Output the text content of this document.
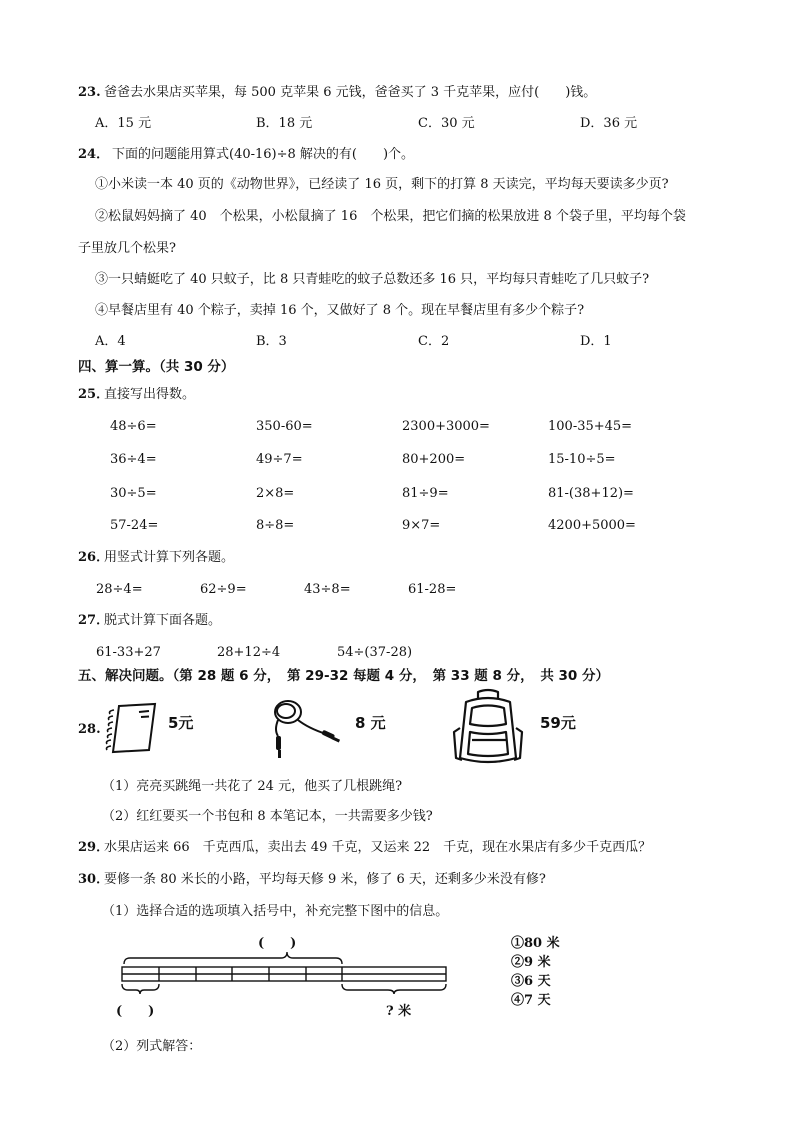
23. 爸爸去水果店买苹果，每 500 克苹果 6 元钱，爸爸买了 3 千克苹果，应付(　　)钱。
A．15 元	B．18 元	C．30 元	D．36 元
24． 下面的问题能用算式(40-16)÷8 解决的有(　　)个。
①小米读一本 40 页的《动物世界》，已经读了 16 页，剩下的打算 8 天读完，平均每天要读多少页?
②松鼠妈妈摘了 40　个松果，小松鼠摘了 16　个松果，把它们摘的松果放进 8 个袋子里，平均每个袋
子里放几个松果?
③一只蜻蜓吃了 40 只蚊子，比 8 只青蛙吃的蚊子总数还多 16 只，平均每只青蛙吃了几只蚊子?
④早餐店里有 40 个粽子，卖掉 16 个，又做好了 8 个。现在早餐店里有多少个粽子?
A．4	B．3	C．2	D．1
四、算一算。（共 30 分）
25．
直接写出得数。
48÷6=	350-60=	2300+3000=	100-35+45=
36÷4=	49÷7=	80+200=	15-10÷5=
30÷5=	2×8=	81÷9=	81-(38+12)=
57-24=	8÷8=	9×7=	4200+5000=
26．
用竖式计算下列各题。
28÷4=	62÷9=	43÷8=	61-28=
27．
脱式计算下面各题。
61-33+27	28+12÷4	54÷(37-28)
五、解决问题。（第 28 题 6 分，　第 29-32 每题 4 分，　第 33 题 8 分，　共 30 分）
28.	5元	8 元	59元
（1）亮亮买跳绳一共花了 24 元，他买了几根跳绳?
（2）红红要买一个书包和 8 本笔记本，一共需要多少钱?
29．
水果店运来 66　千克西瓜，卖出去 49 千克，又运来 22　千克，现在水果店有多少千克西瓜？
30．
要修一条 80 米长的小路，平均每天修 9 米，修了 6 天，还剩多少米没有修?
（1）选择合适的选项填入括号中，补充完整下图中的信息。
(　　)
(　　)	? 米
①80 米
②9 米
③6 天
④7 天
（2）列式解答：
